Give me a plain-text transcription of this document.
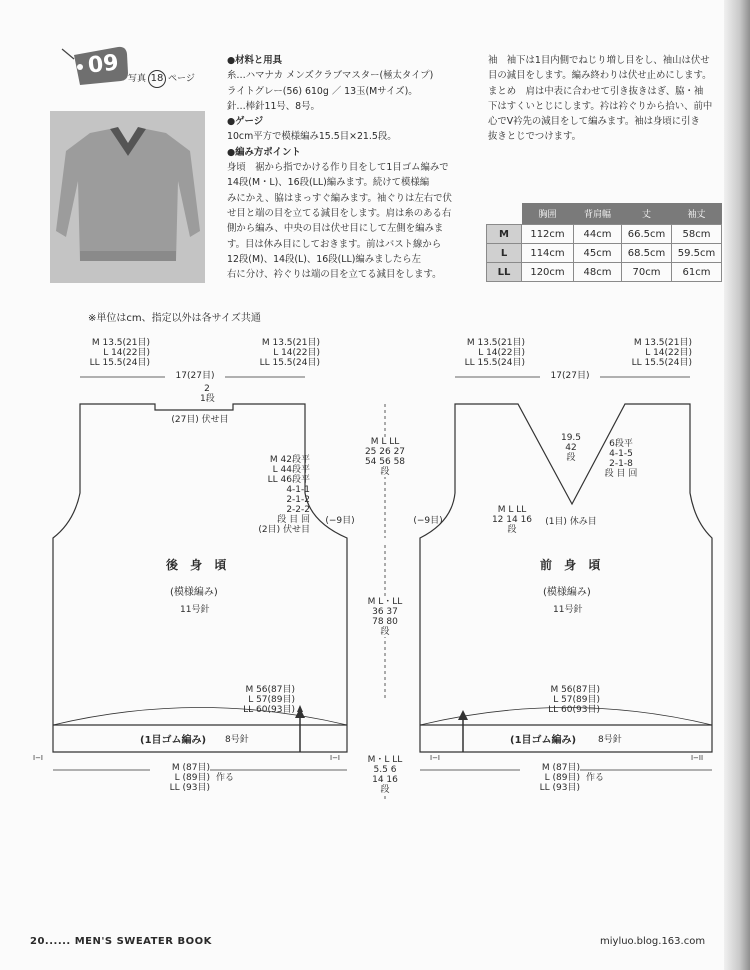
09
写真 18 ページ

●材料と用具

糸…ハマナカ メンズクラブマスター(極太タイプ)

ライトグレー(56) 610g ／ 13玉(Mサイズ)。

針…棒針11号、8号。

●ゲージ

10cm平方で模様編み15.5目×21.5段。

●編み方ポイント

身頃　裾から指でかける作り目をして1目ゴム編みで

14段(M・L)、16段(LL)編みます。続けて模様編

みにかえ、脇はまっすぐ編みます。袖ぐりは左右で伏

せ目と端の目を立てる減目をします。肩は糸のある右

側から編み、中央の目は伏せ目にして左側を編みま

す。目は休み目にしておきます。前はバスト線から

12段(M)、14段(L)、16段(LL)編みましたら左

右に分け、衿ぐりは端の目を立てる減目をします。

袖　袖下は1目内側でねじり増し目をし、袖山は伏せ

目の減目をします。編み終わりは伏せ止めにします。

まとめ　肩は中表に合わせて引き抜きはぎ、脇・袖

下はすくいとじにします。衿は衿ぐりから拾い、前中

心でV衿先の減目をして編みます。袖は身頃に引き

抜きとじでつけます。

	胸囲	背肩幅	丈	袖丈
M	112cm	44cm	66.5cm	58cm
L	114cm	45cm	68.5cm	59.5cm
LL	120cm	48cm	70cm	61cm
※単位はcm、指定以外は各サイズ共通
M 13.5(21目)
L 14(22目)
LL 15.5(24目)
M 13.5(21目)
L 14(22目)
LL 15.5(24目)
17(27目)
2
1段
(27目) 伏せ目
M 42段平
L 44段平
LL 46段平
4-1-1
2-1-2
2-2-2
段 目 回
(2目) 伏せ目
(−9目)
後 身 頃
(模様編み)
11号針
M 56(87目)
L 57(89目)
LL 60(93目)
(1目ゴム編み) 8号針
I−I	I−I
M (87目)
L (89目)
LL (93目)
作る
M L LL
25 26 27
54 56 58
段
M L・LL
36 37
78 80
段
M・L LL
5.5 6
14 16
段
M 13.5(21目)
L 14(22目)
LL 15.5(24目)
M 13.5(21目)
L 14(22目)
LL 15.5(24目)
17(27目)
19.5
42
段
6段平
4-1-5
2-1-8
段 目 回
M L LL
12 14 16
段
(1目) 休み目
(−9目)
前 身 頃
(模様編み)
11号針
M 56(87目)
L 57(89目)
LL 60(93目)
(1目ゴム編み) 8号針
I−I	I−II
M (87目)
L (89目)
LL (93目)
作る
20...... MEN'S SWEATER BOOK	miyluo.blog.163.com
